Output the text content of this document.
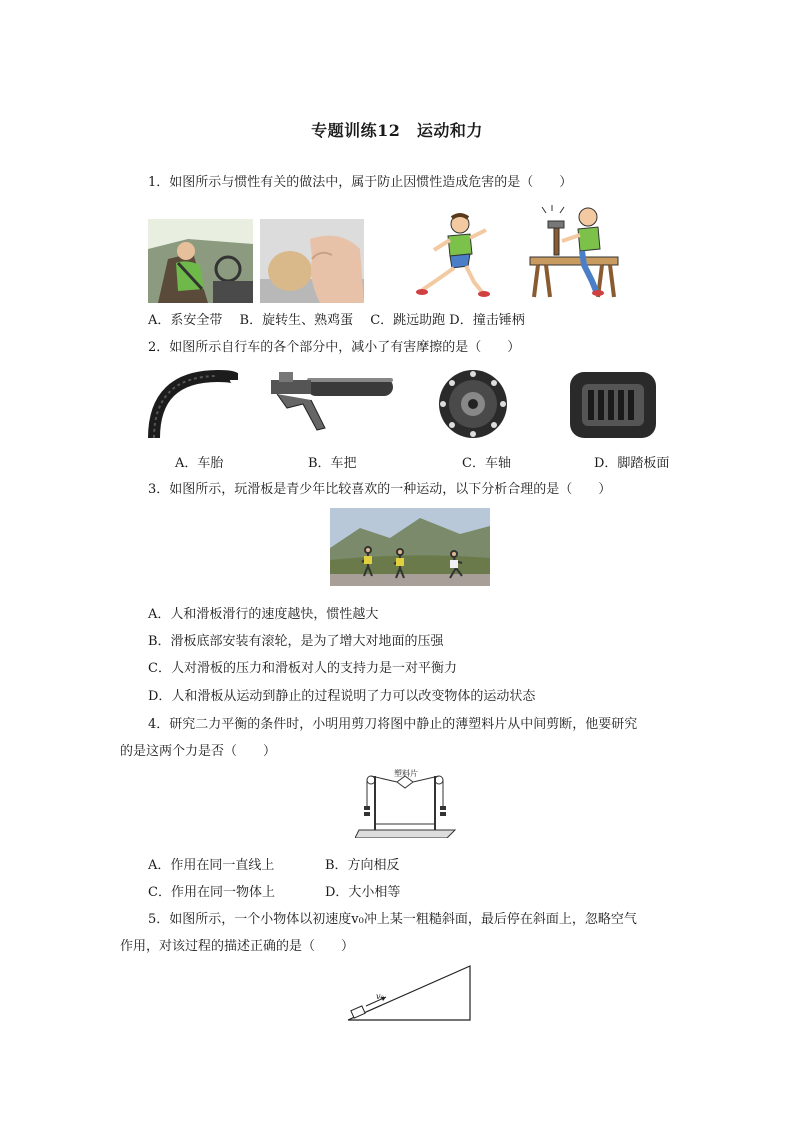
专题训练12　运动和力
1．如图所示与惯性有关的做法中，属于防止因惯性造成危害的是（　　）
A．系安全带　 B．旋转生、熟鸡蛋　 C．跳远助跑 D．撞击锤柄
2．如图所示自行车的各个部分中，减小了有害摩擦的是（　　）
A．车胎	B．车把	C．车轴	D．脚踏板面
3．如图所示，玩滑板是青少年比较喜欢的一种运动，以下分析合理的是（　　）
A．人和滑板滑行的速度越快，惯性越大
B．滑板底部安装有滚轮，是为了增大对地面的压强
C．人对滑板的压力和滑板对人的支持力是一对平衡力
D．人和滑板从运动到静止的过程说明了力可以改变物体的运动状态
4．研究二力平衡的条件时，小明用剪刀将图中静止的薄塑料片从中间剪断，他要研究
的是这两个力是否（　　）
塑料片
A．作用在同一直线上	B．方向相反
C．作用在同一物体上	D．大小相等
5．如图所示，一个小物体以初速度v₀冲上某一粗糙斜面，最后停在斜面上，忽略空气
作用，对该过程的描述正确的是（　　）
v₀
